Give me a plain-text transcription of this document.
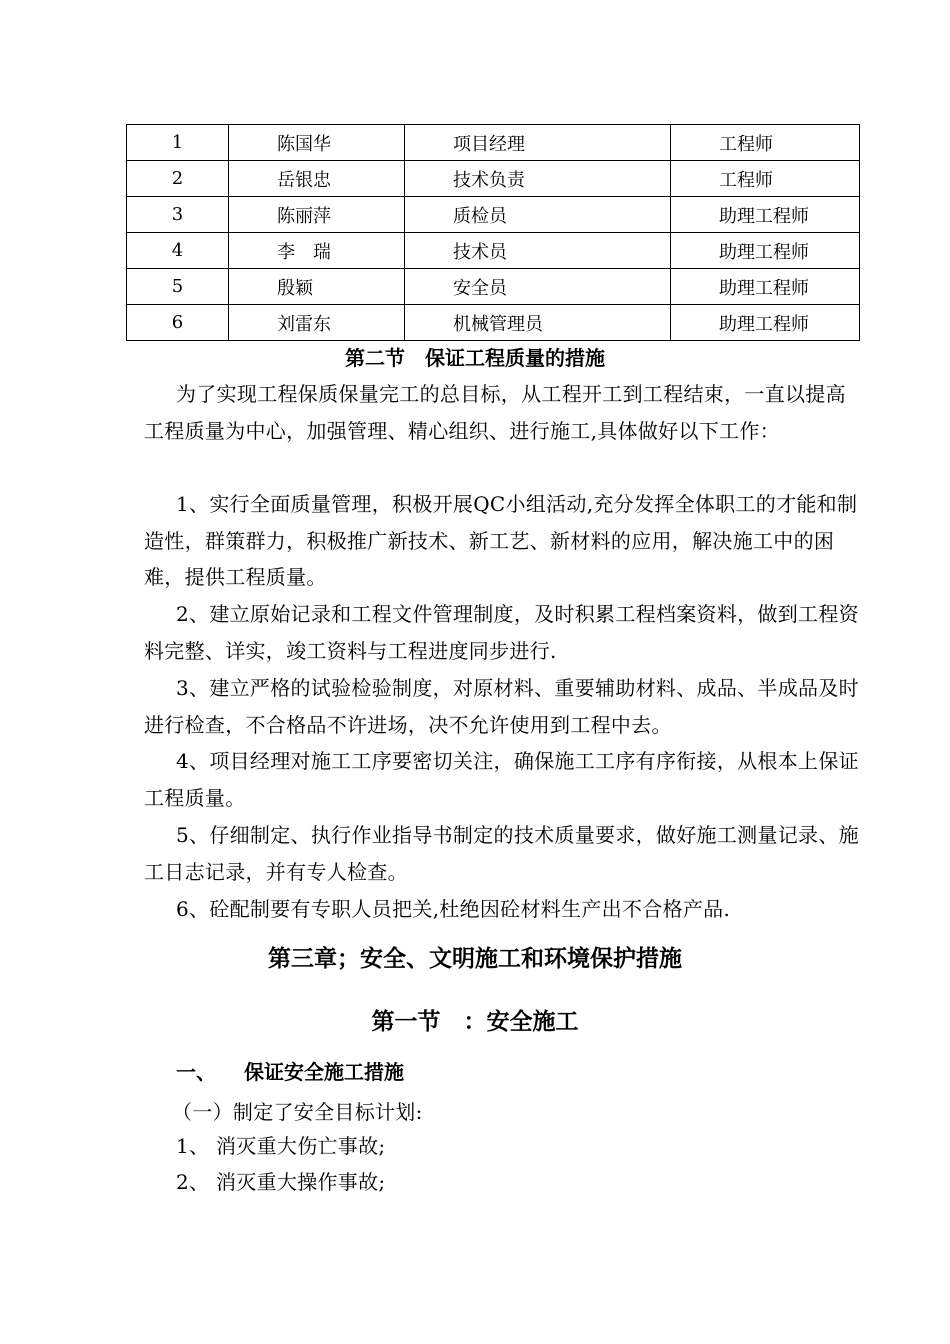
1	陈国华	项目经理	工程师
2	岳银忠	技术负责	工程师
3	陈丽萍	质检员	助理工程师
4	李　瑞	技术员	助理工程师
5	殷颖	安全员	助理工程师
6	刘雷东	机械管理员	助理工程师
第二节　保证工程质量的措施
为了实现工程保质保量完工的总目标，从工程开工到工程结束，一直以提高工程质量为中心，加强管理、精心组织、进行施工,具体做好以下工作：
1、实行全面质量管理，积极开展QC小组活动,充分发挥全体职工的才能和制造性，群策群力，积极推广新技术、新工艺、新材料的应用，解决施工中的困难，提供工程质量。
2、建立原始记录和工程文件管理制度，及时积累工程档案资料，做到工程资料完整、详实，竣工资料与工程进度同步进行.
3、建立严格的试验检验制度，对原材料、重要辅助材料、成品、半成品及时进行检查，不合格品不许进场，决不允许使用到工程中去。
4、项目经理对施工工序要密切关注，确保施工工序有序衔接，从根本上保证工程质量。
5、仔细制定、执行作业指导书制定的技术质量要求，做好施工测量记录、施工日志记录，并有专人检查。
6、砼配制要有专职人员把关,杜绝因砼材料生产出不合格产品.
第三章；安全、文明施工和环境保护措施
第一节　：安全施工
一、 保证安全施工措施
（一）制定了安全目标计划:
1、 消灭重大伤亡事故;
2、 消灭重大操作事故;
